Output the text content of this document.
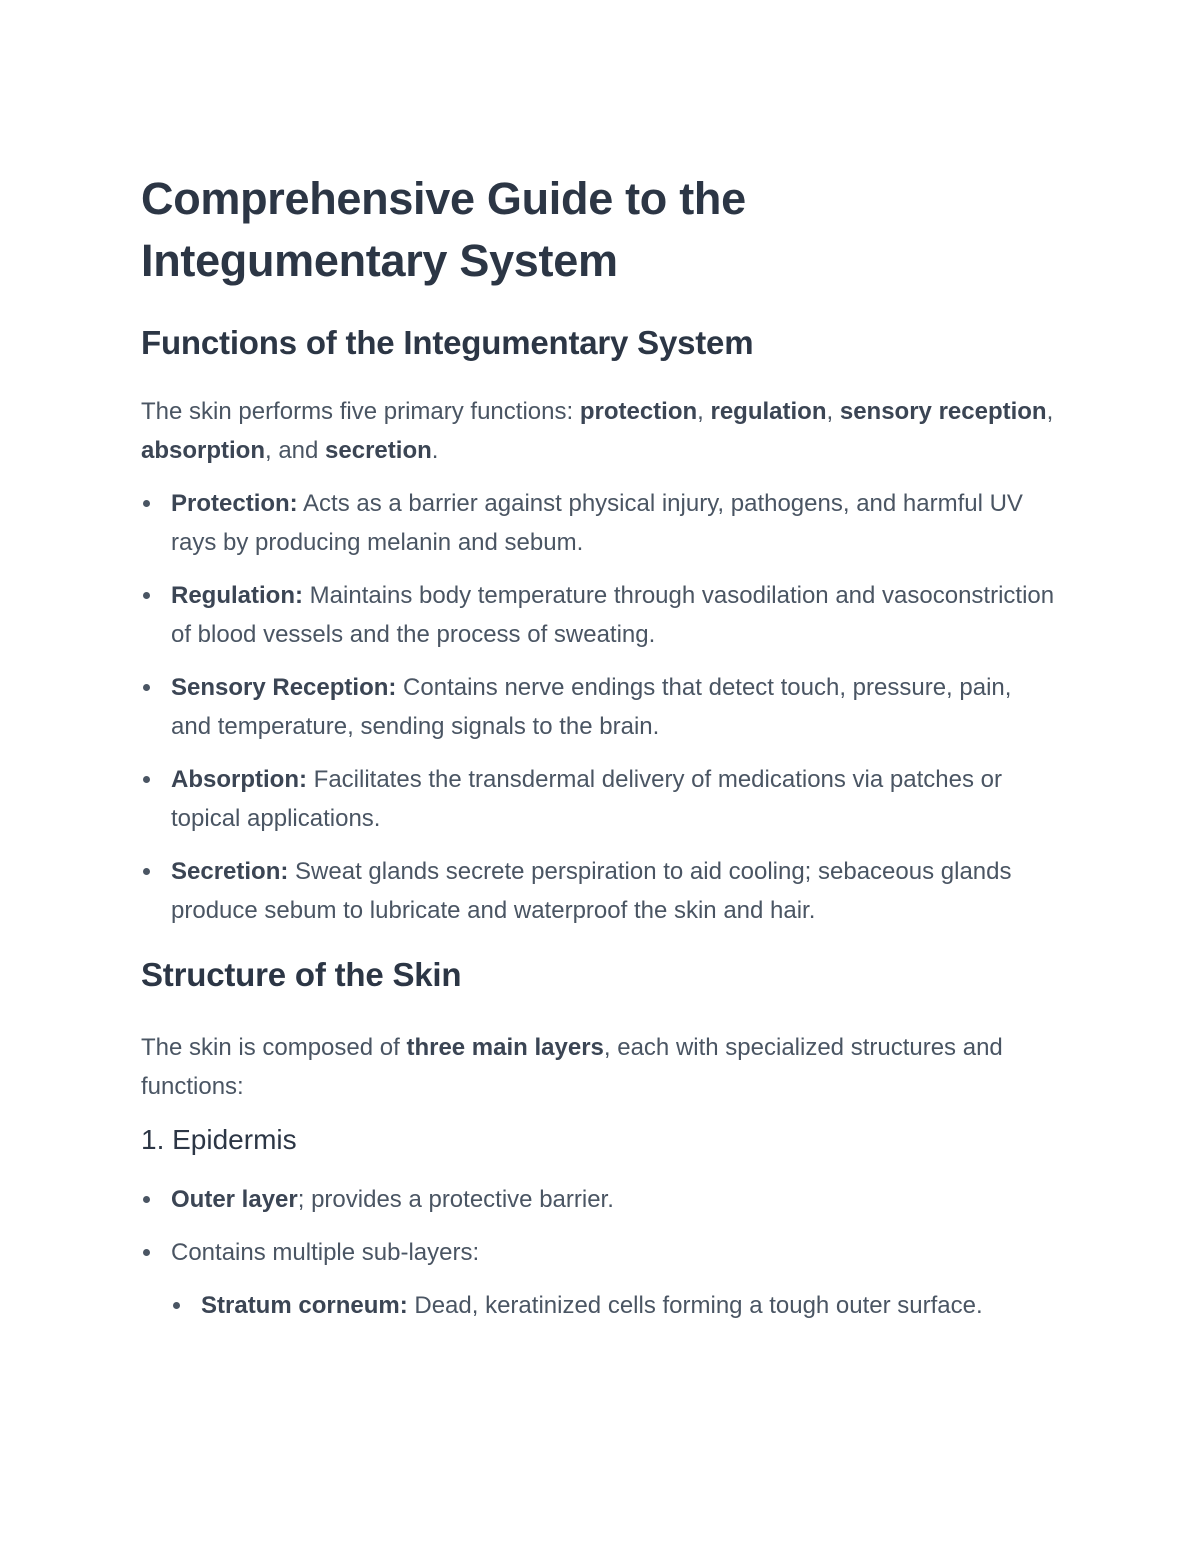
Comprehensive Guide to the Integumentary System
Functions of the Integumentary System

The skin performs five primary functions: protection, regulation, sensory reception, absorption, and secretion.

Protection: Acts as a barrier against physical injury, pathogens, and harmful UV rays by producing melanin and sebum.
Regulation: Maintains body temperature through vasodilation and vasoconstriction of blood vessels and the process of sweating.
Sensory Reception: Contains nerve endings that detect touch, pressure, pain, and temperature, sending signals to the brain.
Absorption: Facilitates the transdermal delivery of medications via patches or topical applications.
Secretion: Sweat glands secrete perspiration to aid cooling; sebaceous glands produce sebum to lubricate and waterproof the skin and hair.
Structure of the Skin

The skin is composed of three main layers, each with specialized structures and functions:

1. Epidermis
Outer layer; provides a protective barrier.
Contains multiple sub-layers:
Stratum corneum: Dead, keratinized cells forming a tough outer surface.
